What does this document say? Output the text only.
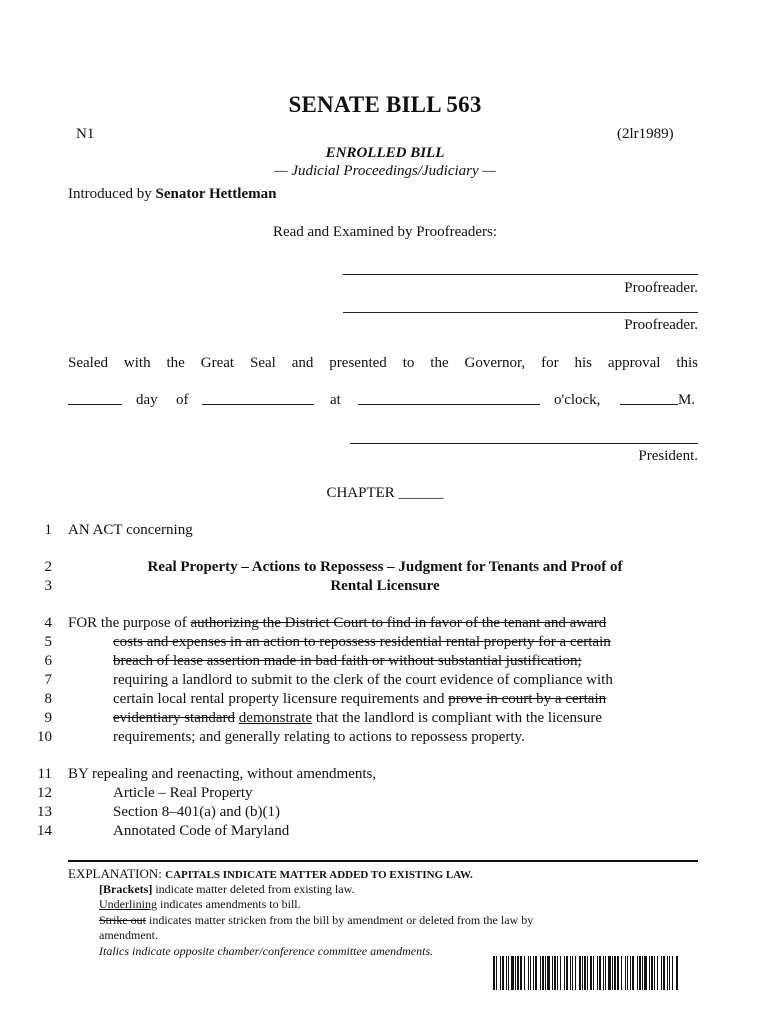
SENATE BILL 563
N1	(2lr1989)
ENROLLED BILL
— Judicial Proceedings/Judiciary —
Introduced by Senator Hettleman
Read and Examined by Proofreaders:
Proofreader.
Proofreader.
Sealed with the Great Seal and presented to the Governor, for his approval this
day of	at	o'clock,	M.
President.
CHAPTER ______
1 AN ACT concerning
2	Real Property – Actions to Repossess – Judgment for Tenants and Proof of
3	Rental Licensure
4 FOR the purpose of authorizing the District Court to find in favor of the tenant and award
5	costs and expenses in an action to repossess residential rental property for a certain
6	breach of lease assertion made in bad faith or without substantial justification;
7	requiring a landlord to submit to the clerk of the court evidence of compliance with
8	certain local rental property licensure requirements and prove in court by a certain
9	evidentiary standard demonstrate that the landlord is compliant with the licensure
10	requirements; and generally relating to actions to repossess property.
11 BY repealing and reenacting, without amendments,
12	Article – Real Property
13	Section 8–401(a) and (b)(1)
14	Annotated Code of Maryland
EXPLANATION: CAPITALS INDICATE MATTER ADDED TO EXISTING LAW.
[Brackets] indicate matter deleted from existing law.
Underlining indicates amendments to bill.
Strike out indicates matter stricken from the bill by amendment or deleted from the law by
amendment.
Italics indicate opposite chamber/conference committee amendments.
